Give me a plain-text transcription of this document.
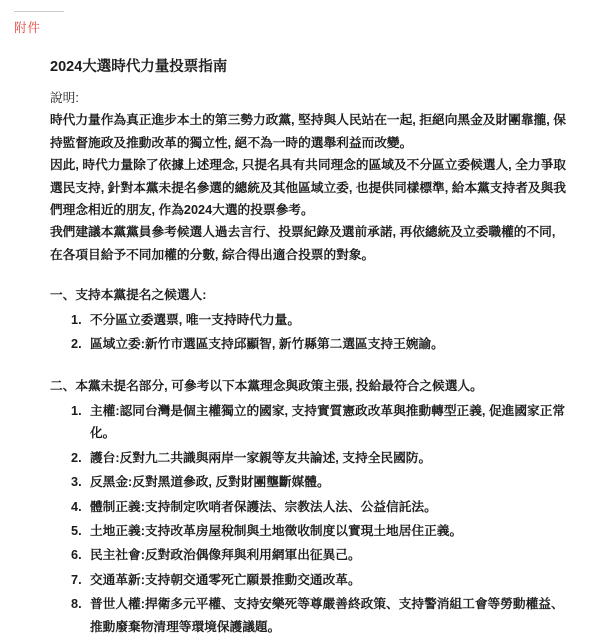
附件
2024大選時代力量投票指南

說明:

時代力量作為真正進步本土的第三勢力政黨, 堅持與人民站在一起, 拒絕向黑金及財團靠攏, 保持監督施政及推動改革的獨立性, 絕不為一時的選舉利益而改變。

因此, 時代力量除了依據上述理念, 只提名具有共同理念的區域及不分區立委候選人, 全力爭取選民支持, 針對本黨未提名參選的總統及其他區域立委, 也提供同樣標準, 給本黨支持者及與我們理念相近的朋友, 作為2024大選的投票參考。

我們建議本黨黨員參考候選人過去言行、投票紀錄及選前承諾, 再依總統及立委職權的不同, 在各項目給予不同加權的分數, 綜合得出適合投票的對象。

一、支持本黨提名之候選人:

不分區立委選票, 唯一支持時代力量。
區域立委:新竹市選區支持邱顯智, 新竹縣第二選區支持王婉諭。

二、本黨未提名部分, 可參考以下本黨理念與政策主張, 投給最符合之候選人。

主權:認同台灣是個主權獨立的國家, 支持實質憲政改革與推動轉型正義, 促進國家正常化。
護台:反對九二共識與兩岸一家親等友共論述, 支持全民國防。
反黑金:反對黑道參政, 反對財團壟斷媒體。
體制正義:支持制定吹哨者保護法、宗教法人法、公益信託法。
土地正義:支持改革房屋稅制與土地徵收制度以實現土地居住正義。
民主社會:反對政治偶像拜與利用網軍出征異己。
交通革新:支持朝交通零死亡願景推動交通改革。
普世人權:捍衛多元平權、支持安樂死等尊嚴善終政策、支持警消組工會等勞動權益、推動廢棄物清理等環境保護議題。
